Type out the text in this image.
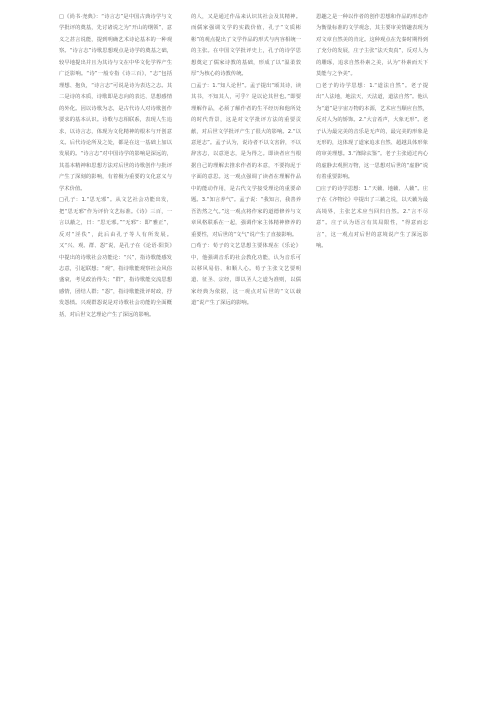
□《尚书·尧典》：“诗言志”是中国古典诗学与文学批评的奠基，先讨诸说之为“开山的纲领”，意义之甚言说能，提到明确艺术诗论基本的一种观察。“诗言志”诗歌思想观点是诗学的奠基之础，较早地提出并且为其诗与文在中华文化学界产生广泛影响。“诗”一般专指《诗三百》，“志”包括理想、抱负，“诗言志”可说是诗为表达之志。其二是诗的本质，诗歌即是志向的表达、思想感情的外化。因以诗歌为志，是古代诗人对诗歌创作要求的基本认识。诗歌与志相联系，表现人生追求，以诗言志，体现为文化精神的根本与开创意义。后代诗论所及之处，都是在这一基础上加以发展的。“诗言志”对中国诗学的影响是深远的，其基本精神和思想方法对后世的诗歌创作与批评产生了深刻的影响，有着极为重要的文化意义与学术价值。
□孔子：1.“思无邪”。从文艺社会功能出发，把“思无邪”作为评价文艺标准。《诗》三百，一言以蔽之，曰：“思无邪。”“无邪”：即“雅正”，反对“淫佚”，此后由孔子等人有所发展。又“兴、观、群、怨”说，是孔子在《论语·阳货》中提出的诗歌社会功能论：“兴”，指诗歌能感发志意，引起联想；“观”，指诗歌能观察社会风俗盛衰，考见政治得失；“群”，指诗歌能交流思想感情，团结人群；“怨”，指诗歌能批评时政，抒发怨愤。兴观群怨说是对诗歌社会功能的全面概括，对后世文艺理论产生了深远的影响。
的人，又是通过作品来认识其社会及其精神。而儒家强调文学的实践价值，孔子“文质彬彬”的观点提出了文学作品的形式与内容相统一的主张。在中国文学批评史上，孔子的诗学思想奠定了儒家诗教的基础，形成了以“温柔敦厚”为核心的诗教传统。
□孟子：1.“知人论世”。孟子提出“颂其诗，读其书，不知其人，可乎？是以论其世也。”即要理解作品，必须了解作者的生平经历和他所处的时代背景，这是对文学批评方法的重要贡献，对后世文学批评产生了很大的影响。2.“以意逆志”。孟子认为，说诗者不以文害辞，不以辞害志，以意逆志，是为得之。即读者应当根据自己的理解去推求作者的本意，不要拘泥于字面的意思。这一观点强调了读者在理解作品中的能动作用，是古代文学接受理论的重要命题。3.“知言养气”。孟子说：“我知言，我善养吾浩然之气。”这一观点将作家的道德修养与文章风格联系在一起，强调作家主体精神修养的重要性，对后世的“文气”说产生了直接影响。
□荀子：荀子的文艺思想主要体现在《乐论》中，他强调音乐的社会教化功能，认为音乐可以移风易俗、和顺人心。荀子主张文艺要明道、征圣、宗经，即以圣人之道为准则，以儒家经典为依据，这一观点对后世的“文以载道”说产生了深远的影响。
恩趣之是一种以作者的创作思想和作品的形态作为衡量标准的文学观念，其主要审美情趣表现为对文章自然美的肯定。这种观点在先秦时期得到了充分的发展，庄子主张“法天贵真”，反对人为的雕琢，追求自然朴素之美，认为“朴素而天下莫能与之争美”。
□老子的诗学思想：1.“道法自然”。老子提出“人法地，地法天，天法道，道法自然”。他认为“道”是宇宙万物的本源，艺术应当顺应自然，反对人为的矫饰。2.“大音希声，大象无形”。老子认为最完美的音乐是无声的，最完美的形象是无形的，这体现了道家追求自然、超越具体形象的审美理想。3.“涤除玄鉴”。老子主张通过内心的虚静去观照万物，这一思想对后世的“虚静”说有着重要影响。
□庄子的诗学思想：1.“天籁、地籁、人籁”。庄子在《齐物论》中提出了三籁之说，以天籁为最高境界，主张艺术应当回归自然。2.“言不尽意”。庄子认为语言有其局限性，“得意而忘言”，这一观点对后世的意境说产生了深远影响。
